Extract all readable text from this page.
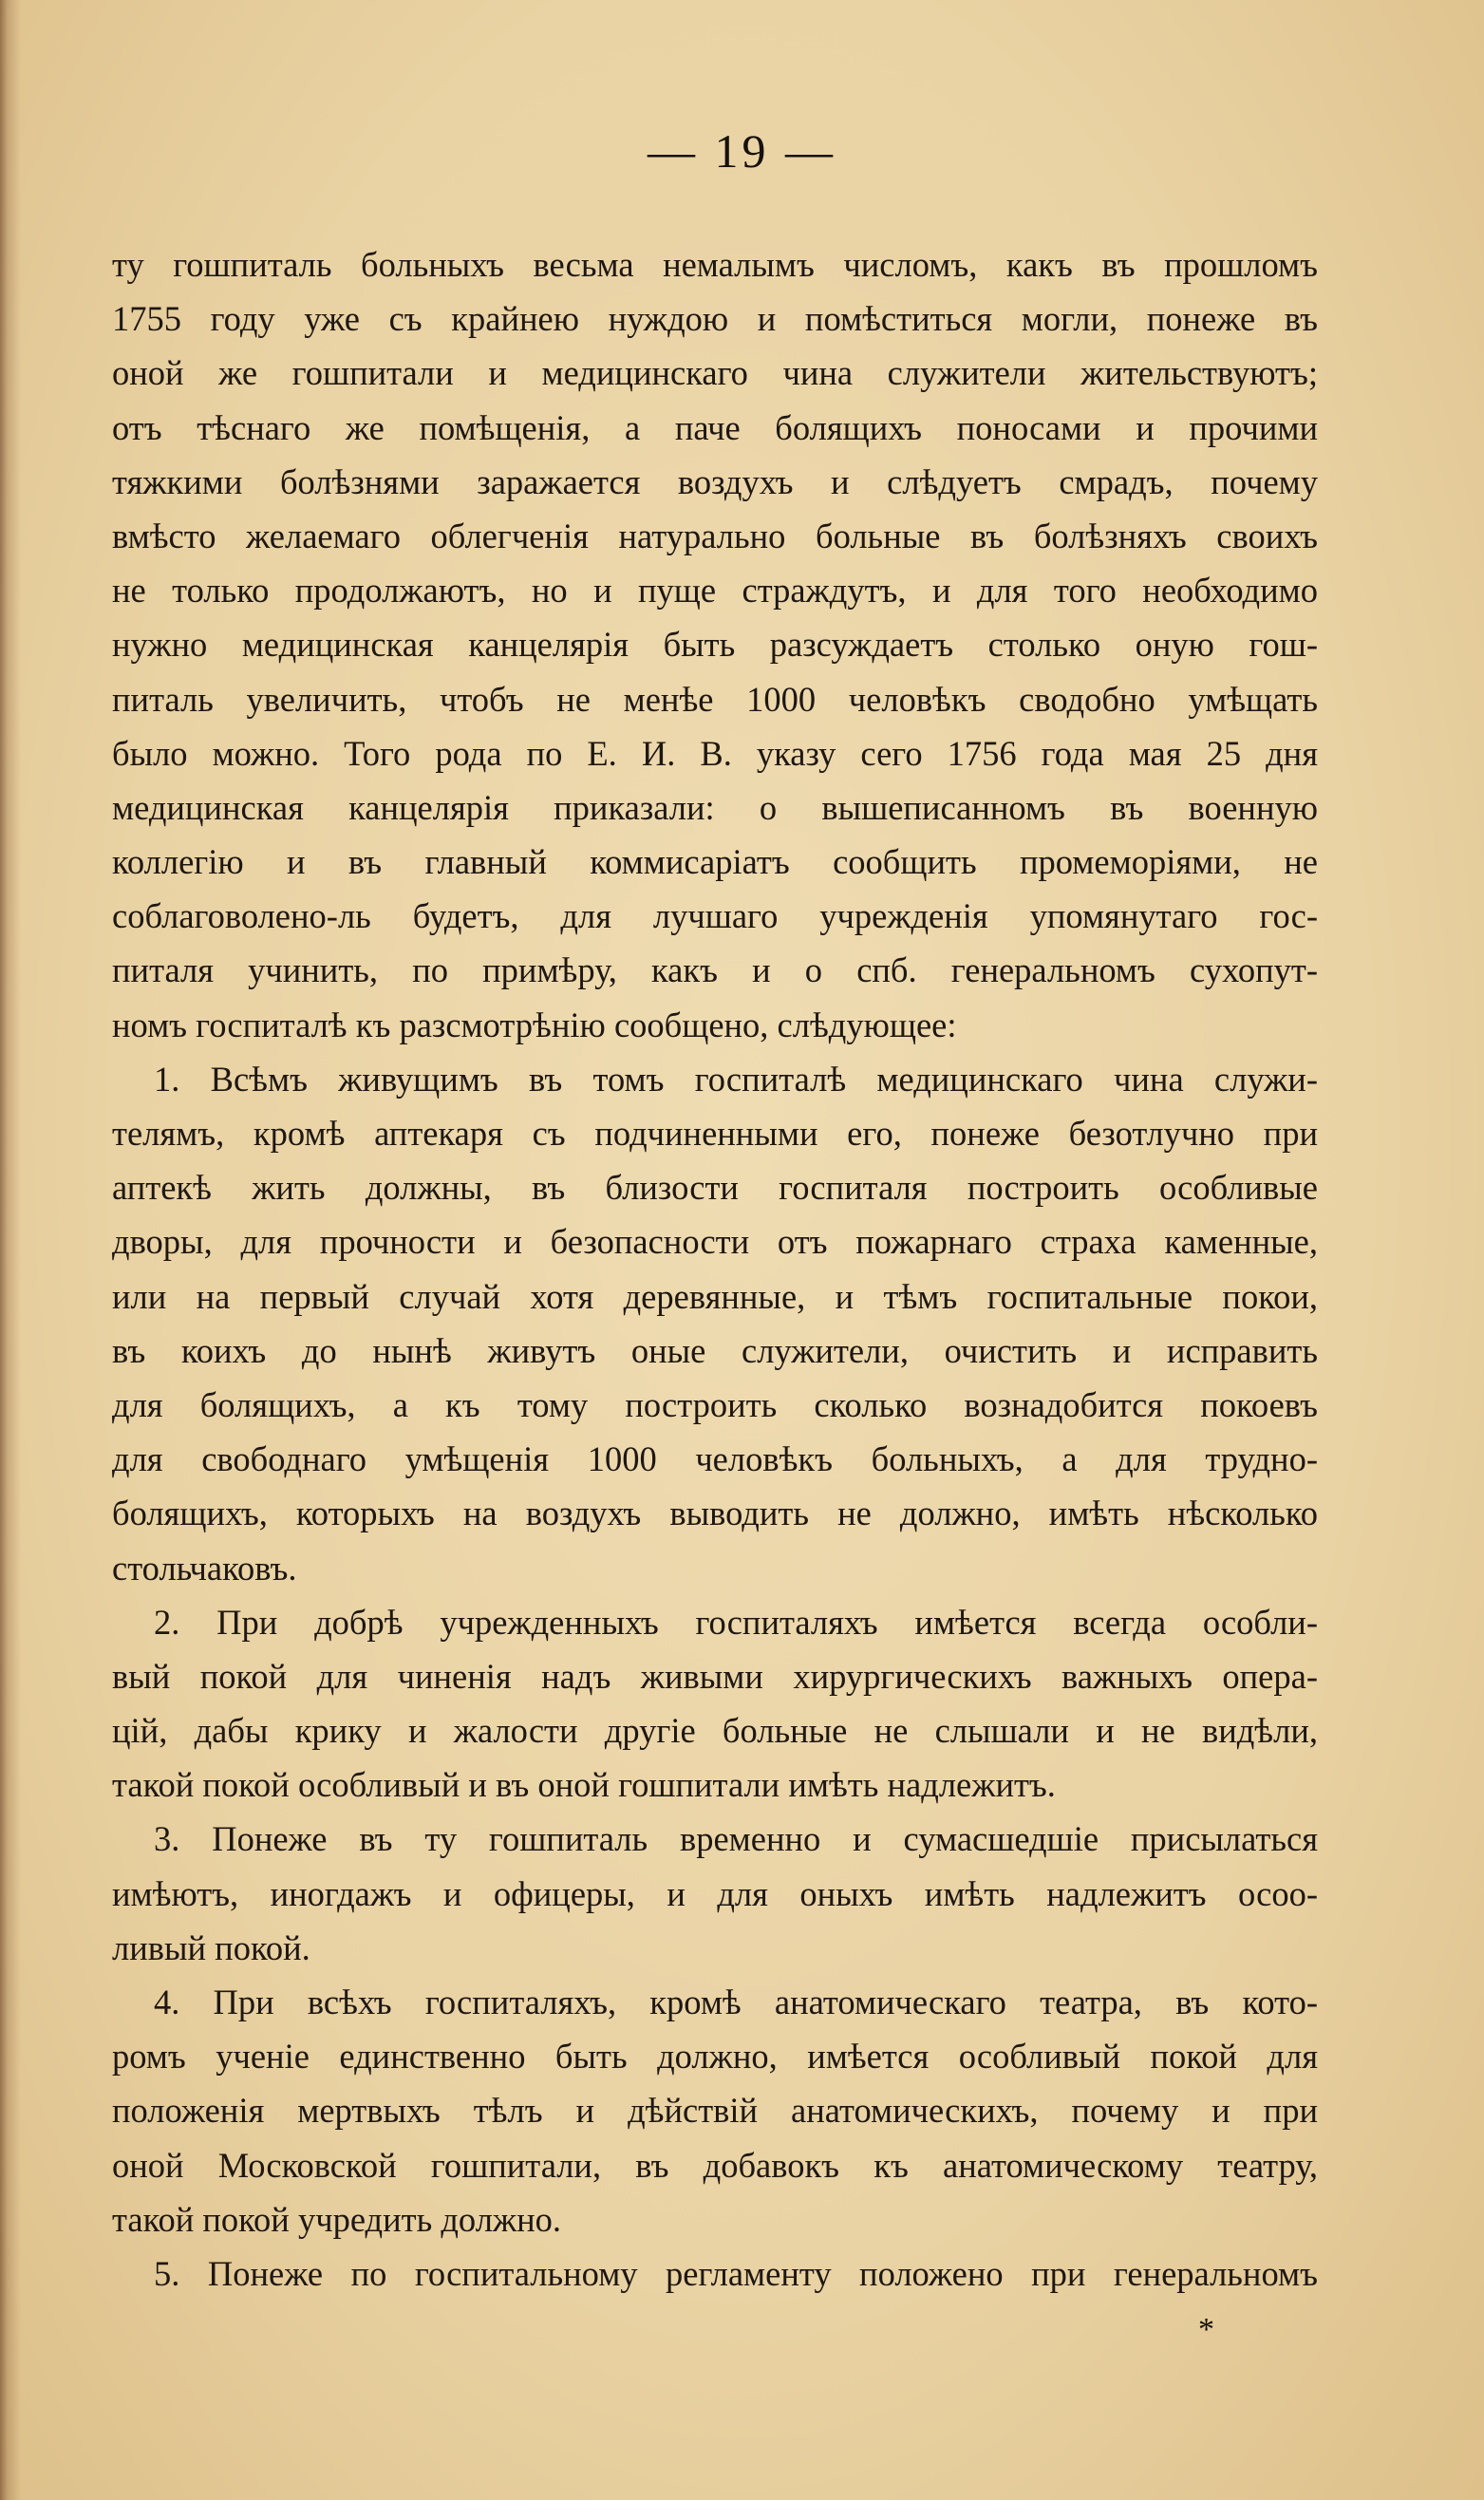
— 19 —
ту гошпиталь больныхъ весьма немалымъ числомъ, какъ въ прошломъ
1755 году уже съ крайнею нуждою и помѣститься могли, понеже въ
оной же гошпитали и медицинскаго чина служители жительствуютъ;
отъ тѣснаго же помѣщенія, а паче болящихъ поносами и прочими
тяжкими болѣзнями заражается воздухъ и слѣдуетъ смрадъ, почему
вмѣсто желаемаго облегченія натурально больные въ болѣзняхъ своихъ
не только продолжаютъ, но и пуще страждутъ, и для того необходимо
нужно медицинская канцелярія быть разсуждаетъ столько оную гош-
питаль увеличить, чтобъ не менѣе 1000 человѣкъ сводобно умѣщать
было можно. Того рода по Е. И. В. указу сего 1756 года мая 25 дня
медицинская канцелярія приказали: о вышеписанномъ въ военную
коллегію и въ главный коммисаріатъ сообщить промеморіями, не
соблаговолено-ль будетъ, для лучшаго учрежденія упомянутаго гос-
питаля учинить, по примѣру, какъ и о спб. генеральномъ сухопут-
номъ госпиталѣ къ разсмотрѣнію сообщено, слѣдующее:
1. Всѣмъ живущимъ въ томъ госпиталѣ медицинскаго чина служи-
телямъ, кромѣ аптекаря съ подчиненными его, понеже безотлучно при
аптекѣ жить должны, въ близости госпиталя построить особливые
дворы, для прочности и безопасности отъ пожарнаго страха каменные,
или на первый случай хотя деревянные, и тѣмъ госпитальные покои,
въ коихъ до нынѣ живутъ оные служители, очистить и исправить
для болящихъ, а къ тому построить сколько вознадобится покоевъ
для свободнаго умѣщенія 1000 человѣкъ больныхъ, а для трудно-
болящихъ, которыхъ на воздухъ выводить не должно, имѣть нѣсколько
стольчаковъ.
2. При добрѣ учрежденныхъ госпиталяхъ имѣется всегда особли-
вый покой для чиненія надъ живыми хирургическихъ важныхъ опера-
цій, дабы крику и жалости другіе больные не слышали и не видѣли,
такой покой особливый и въ оной гошпитали имѣть надлежитъ.
3. Понеже въ ту гошпиталь временно и сумасшедшіе присылаться
имѣютъ, иногдажъ и офицеры, и для оныхъ имѣть надлежитъ осоо-
ливый покой.
4. При всѣхъ госпиталяхъ, кромѣ анатомическаго театра, въ кото-
ромъ ученіе единственно быть должно, имѣется особливый покой для
положенія мертвыхъ тѣлъ и дѣйствій анатомическихъ, почему и при
оной Московской гошпитали, въ добавокъ къ анатомическому театру,
такой покой учредить должно.
5. Понеже по госпитальному регламенту положено при генеральномъ
*
